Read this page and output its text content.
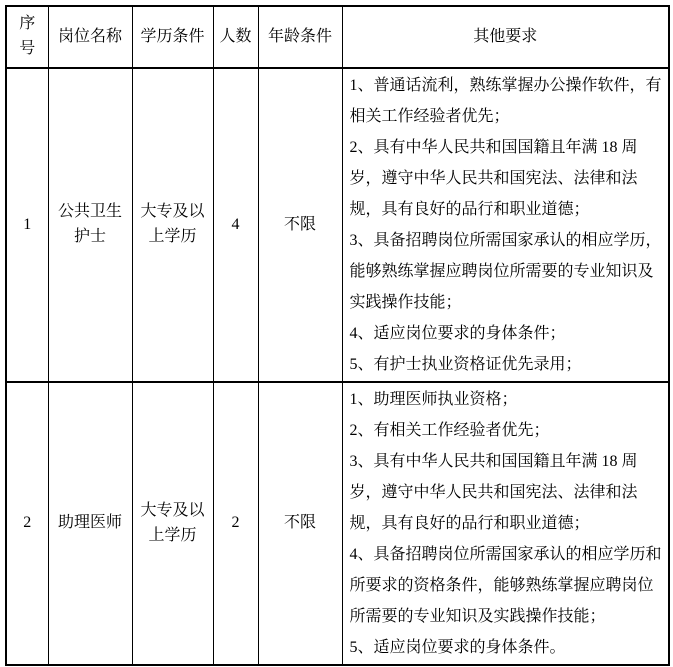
序号	岗位名称	学历条件	人数	年龄条件	其他要求
1	公共卫生护士	大专及以上学历	4	不限	1、普通话流利，熟练掌握办公操作软件，有相关工作经验者优先；

2、具有中华人民共和国国籍且年满 18 周岁，遵守中华人民共和国宪法、法律和法规，具有良好的品行和职业道德；

3、具备招聘岗位所需国家承认的相应学历，能够熟练掌握应聘岗位所需要的专业知识及实践操作技能；

4、适应岗位要求的身体条件；

5、有护士执业资格证优先录用；

2	助理医师	大专及以上学历	2	不限	1、助理医师执业资格；

2、有相关工作经验者优先；

3、具有中华人民共和国国籍且年满 18 周岁，遵守中华人民共和国宪法、法律和法规，具有良好的品行和职业道德；

4、具备招聘岗位所需国家承认的相应学历和所要求的资格条件，能够熟练掌握应聘岗位所需要的专业知识及实践操作技能；

5、适应岗位要求的身体条件。
